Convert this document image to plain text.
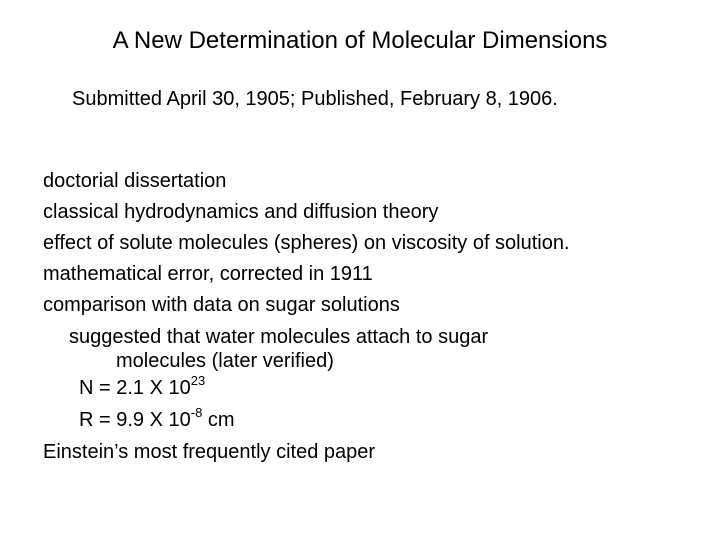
A New Determination of Molecular Dimensions
Submitted April 30, 1905; Published, February 8, 1906.
doctorial dissertation
classical hydrodynamics and diffusion theory
effect of solute molecules (spheres) on viscosity of solution.
mathematical error, corrected in 1911
comparison with data on sugar solutions
suggested that water molecules attach to sugar
molecules (later verified)
N = 2.1 X $10^{23}$
R = 9.9 X $10^{-8}$ cm
Einstein’s most frequently cited paper
